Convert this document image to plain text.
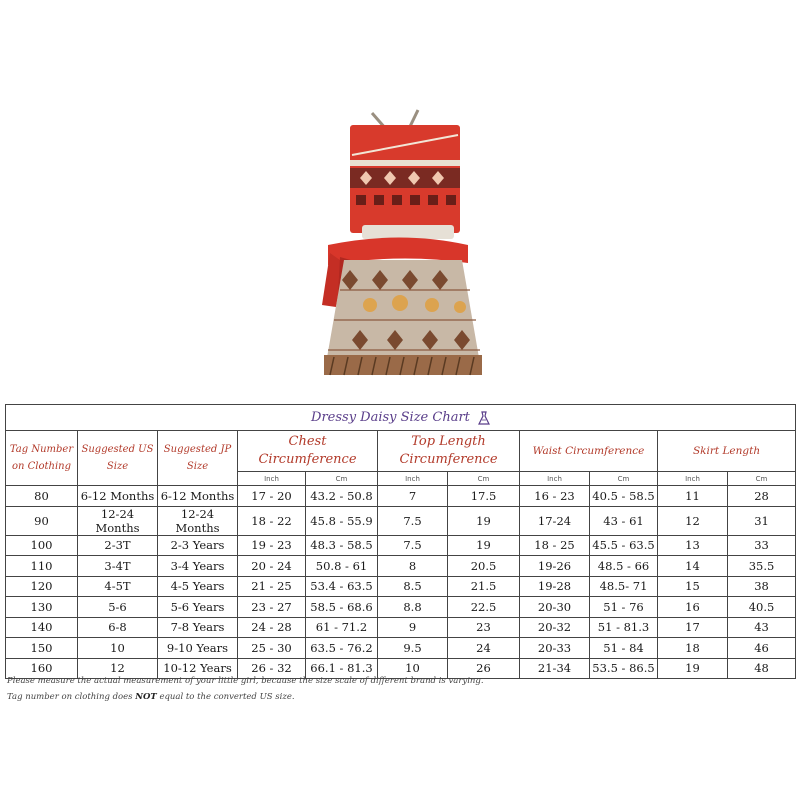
Dressy Daisy Size Chart										
Tag Number on Clothing	Suggested US Size	Suggested JP Size	Chest Circumference		Top Length Circumference		Waist Circumference		Skirt Length	
			Inch	Cm	Inch	Cm	Inch	Cm	Inch	Cm
80	6-12 Months	6-12 Months	17 - 20	43.2 - 50.8	7	17.5	16 - 23	40.5 - 58.5	11	28
90	12-24 Months	12-24 Months	18 - 22	45.8 - 55.9	7.5	19	17-24	43 - 61	12	31
100	2-3T	2-3 Years	19 - 23	48.3 - 58.5	7.5	19	18 - 25	45.5 - 63.5	13	33
110	3-4T	3-4 Years	20 - 24	50.8 - 61	8	20.5	19-26	48.5 - 66	14	35.5
120	4-5T	4-5 Years	21 - 25	53.4 - 63.5	8.5	21.5	19-28	48.5- 71	15	38
130	5-6	5-6 Years	23 - 27	58.5 - 68.6	8.8	22.5	20-30	51 - 76	16	40.5
140	6-8	7-8 Years	24 - 28	61 - 71.2	9	23	20-32	51 - 81.3	17	43
150	10	9-10 Years	25 - 30	63.5 - 76.2	9.5	24	20-33	51 - 84	18	46
160	12	10-12 Years	26 - 32	66.1 - 81.3	10	26	21-34	53.5 - 86.5	19	48

Please measure the actual measurement of your little girl, because the size scale of different brand is varying.

Tag number on clothing does NOT equal to the converted US size.
